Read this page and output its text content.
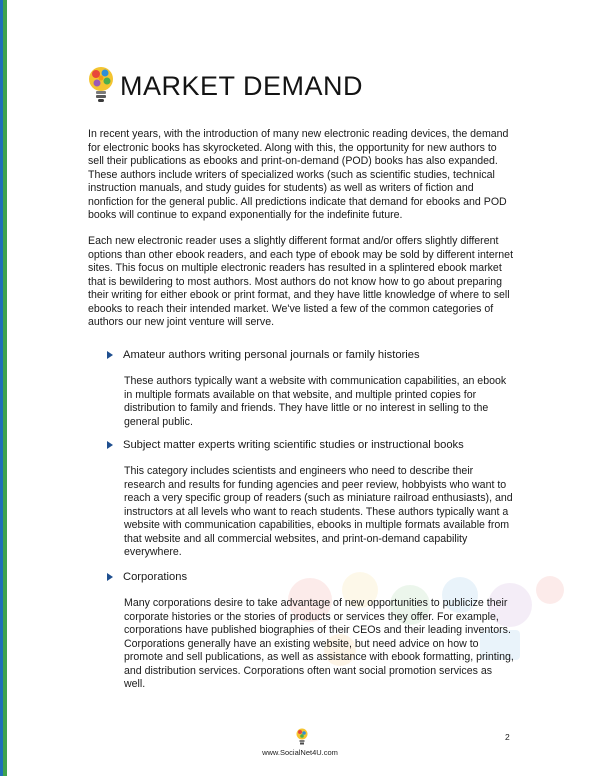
MARKET DEMAND

In recent years, with the introduction of many new electronic reading devices, the demand for electronic books has skyrocketed. Along with this, the opportunity for new authors to sell their publications as ebooks and print-on-demand (POD) books has also expanded. These authors include writers of specialized works (such as scientific studies, technical instruction manuals, and study guides for students) as well as writers of fiction and nonfiction for the general public. All predictions indicate that demand for ebooks and POD books will continue to expand exponentially for the indefinite future.

Each new electronic reader uses a slightly different format and/or offers slightly different options than other ebook readers, and each type of ebook may be sold by different internet sites. This focus on multiple electronic readers has resulted in a splintered ebook market that is bewildering to most authors. Most authors do not know how to go about preparing their writing for either ebook or print format, and they have little knowledge of where to sell ebooks to reach their intended market. We've listed a few of the common categories of authors our new joint venture will serve.

Amateur authors writing personal journals or family histories

These authors typically want a website with communication capabilities, an ebook in multiple formats available on that website, and multiple printed copies for distribution to family and friends. They have little or no interest in selling to the general public.

Subject matter experts writing scientific studies or instructional books

This category includes scientists and engineers who need to describe their research and results for funding agencies and peer review, hobbyists who want to reach a very specific group of readers (such as miniature railroad enthusiasts), and instructors at all levels who want to reach students. These authors typically want a website with communication capabilities, ebooks in multiple formats available from that website and all commercial websites, and print-on-demand capability everywhere.

Corporations

Many corporations desire to take advantage of new opportunities to publicize their corporate histories or the stories of products or services they offer. For example, corporations have published biographies of their CEOs and their leading inventors. Corporations generally have an existing website, but need advice on how to promote and sell publications, as well as assistance with ebook formatting, printing, and distribution services. Corporations often want social promotion services as well.

www.SocialNet4U.com
2
